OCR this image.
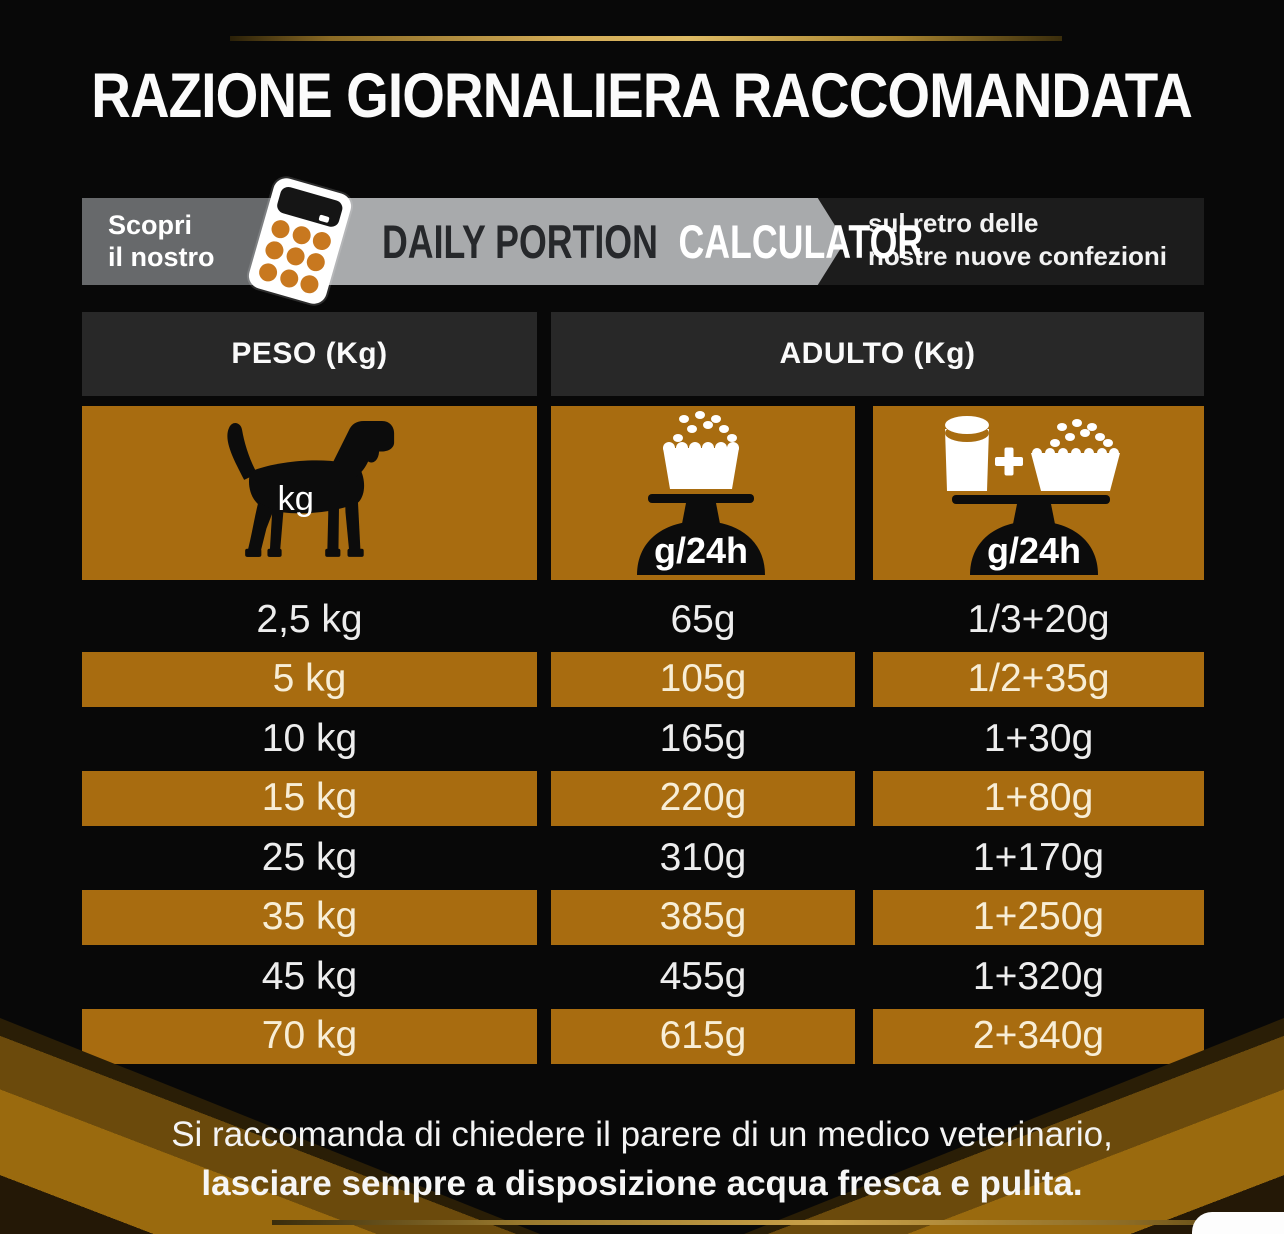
RAZIONE GIORNALIERA RACCOMANDATA
Scopri
il nostro	DAILY PORTION CALCULATOR
sul retro delle
nostre nuove confezioni
PESO (Kg)	ADULTO (Kg)
kg
g/24h	g/24h
2,5 kg	65g	1/3+20g
5 kg	105g	1/2+35g
10 kg	165g	1+30g
15 kg	220g	1+80g
25 kg	310g	1+170g
35 kg	385g	1+250g
45 kg	455g	1+320g
70 kg	615g	2+340g
Si raccomanda di chiedere il parere di un medico veterinario,
lasciare sempre a disposizione acqua fresca e pulita.
